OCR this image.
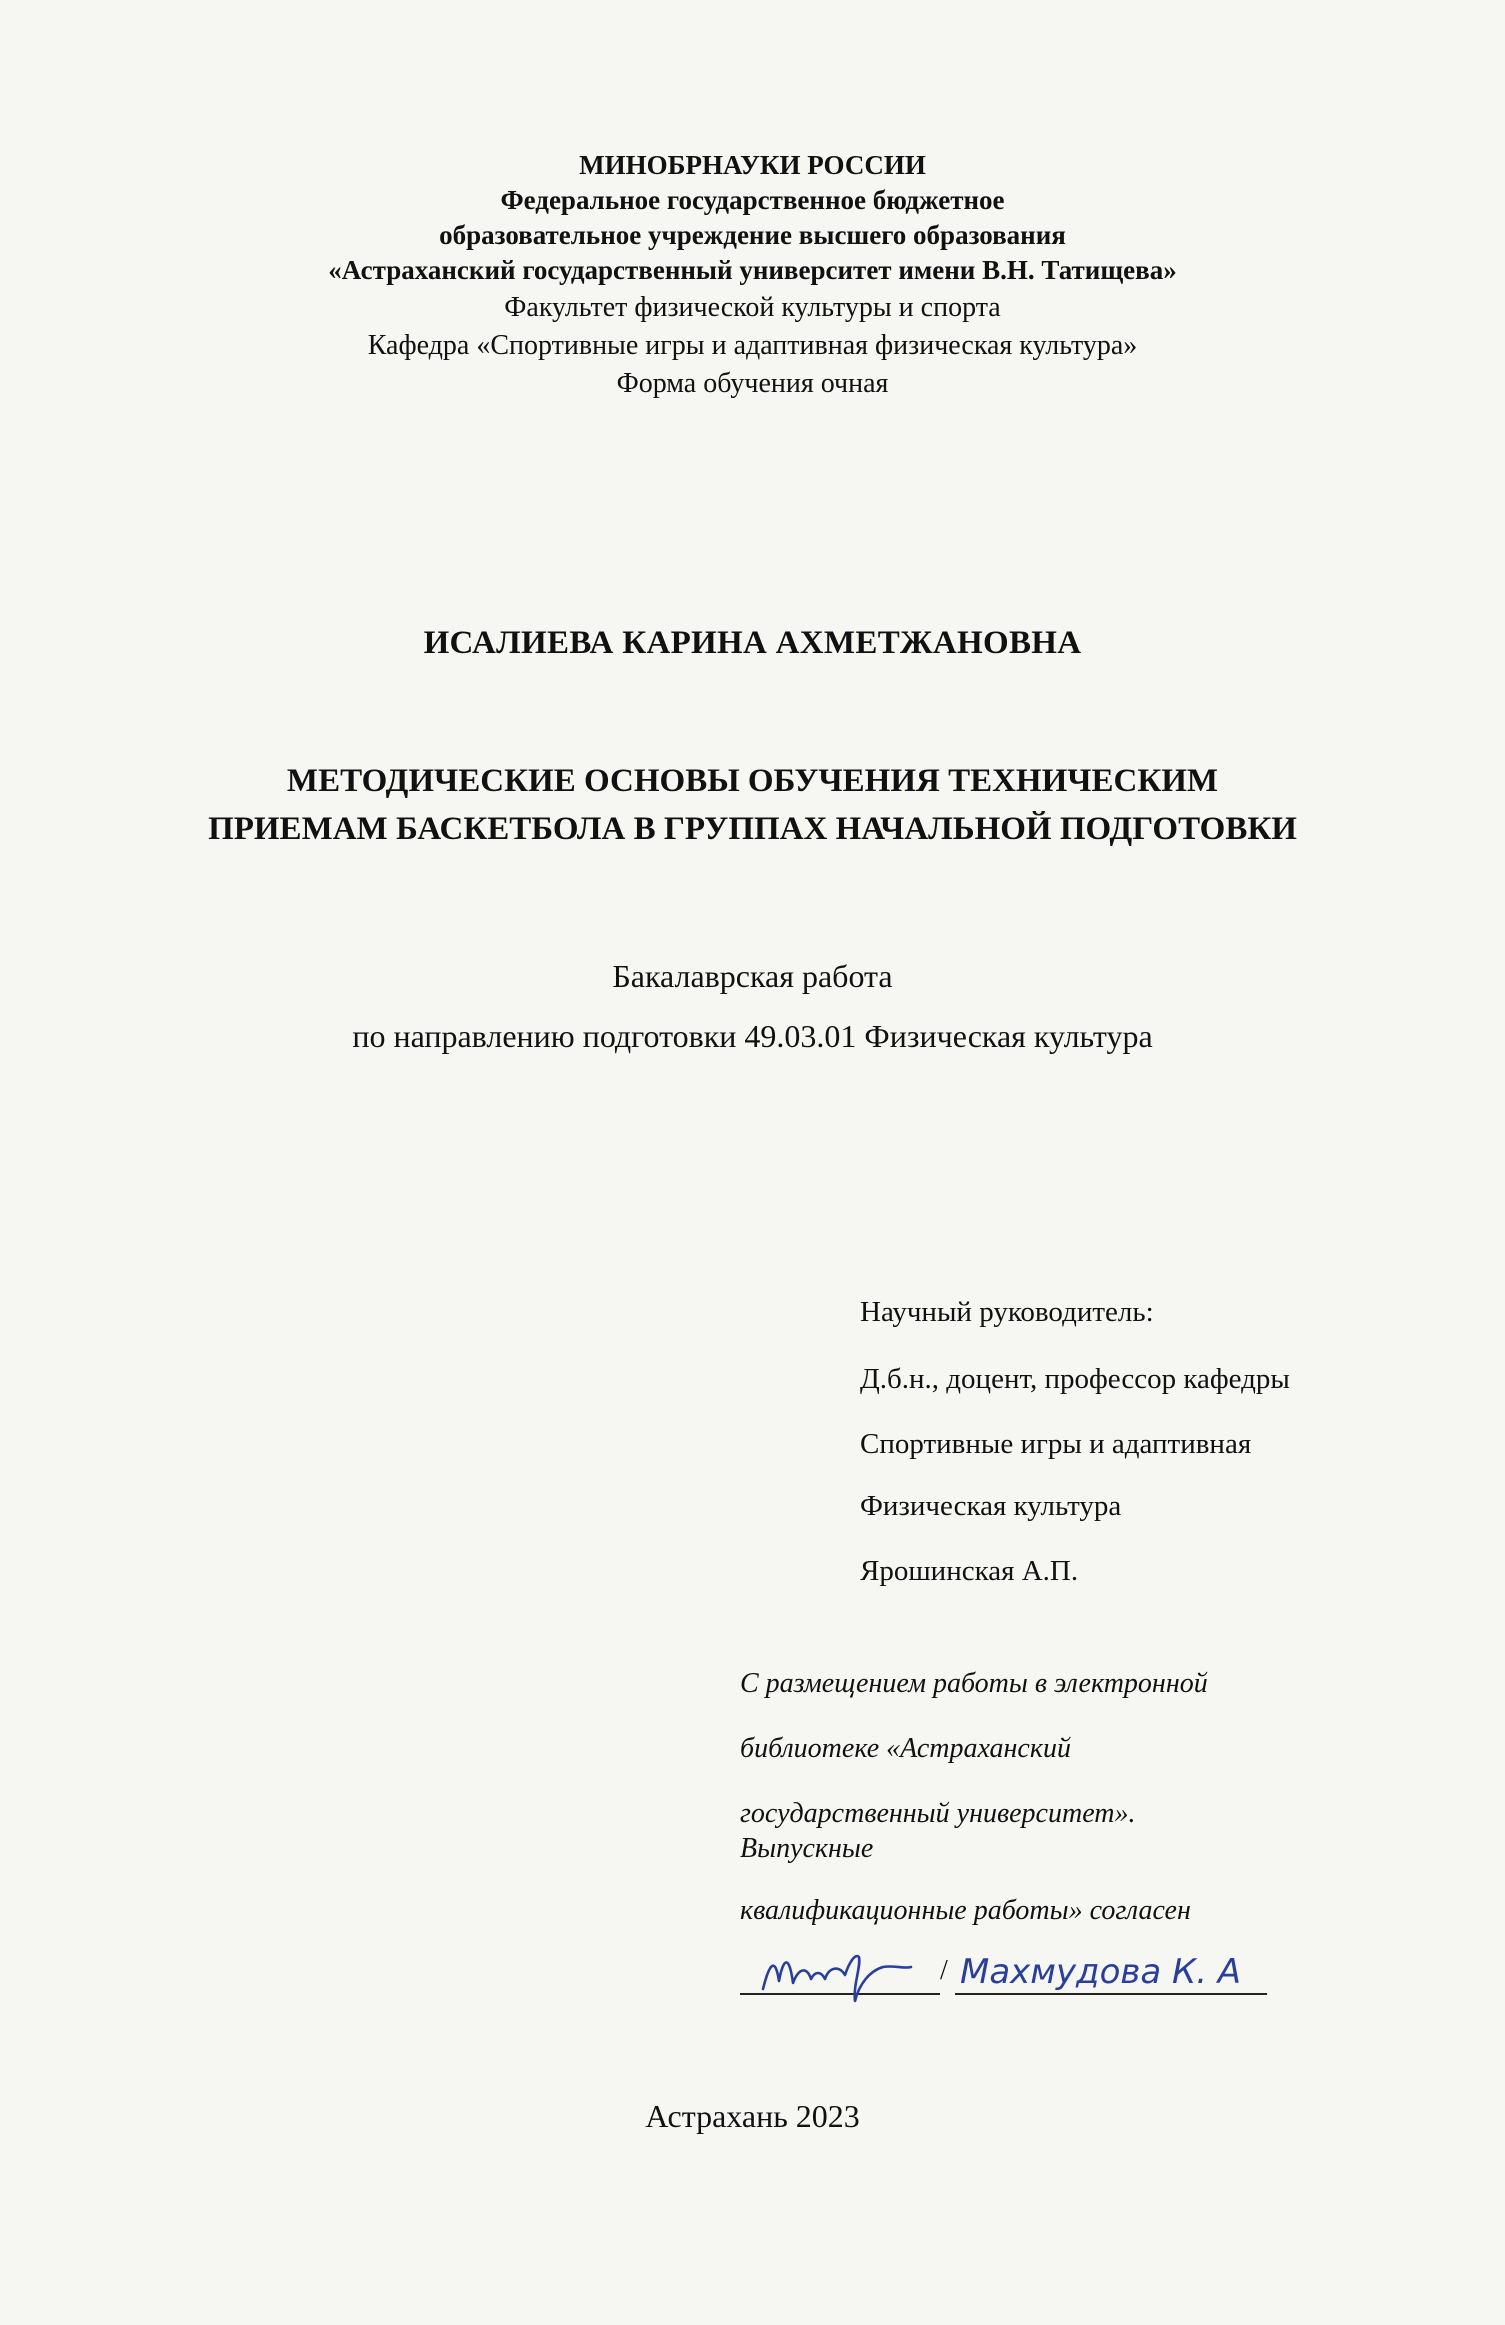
МИНОБРНАУКИ РОССИИ
Федеральное государственное бюджетное
образовательное учреждение высшего образования
«Астраханский государственный университет имени В.Н. Татищева»
Факультет физической культуры и спорта
Кафедра «Спортивные игры и адаптивная физическая культура»
Форма обучения очная
ИСАЛИЕВА КАРИНА АХМЕТЖАНОВНА
МЕТОДИЧЕСКИЕ ОСНОВЫ ОБУЧЕНИЯ ТЕХНИЧЕСКИМ
ПРИЕМАМ БАСКЕТБОЛА В ГРУППАХ НАЧАЛЬНОЙ ПОДГОТОВКИ
Бакалаврская работа
по направлению подготовки 49.03.01 Физическая культура
Научный руководитель:
Д.б.н., доцент, профессор кафедры
Спортивные игры и адаптивная
Физическая культура
Ярошинская А.П.
С размещением работы в электронной
библиотеке «Астраханский
государственный университет».
Выпускные
квалификационные работы» согласен
/ Махмудова К. А
Астрахань 2023
